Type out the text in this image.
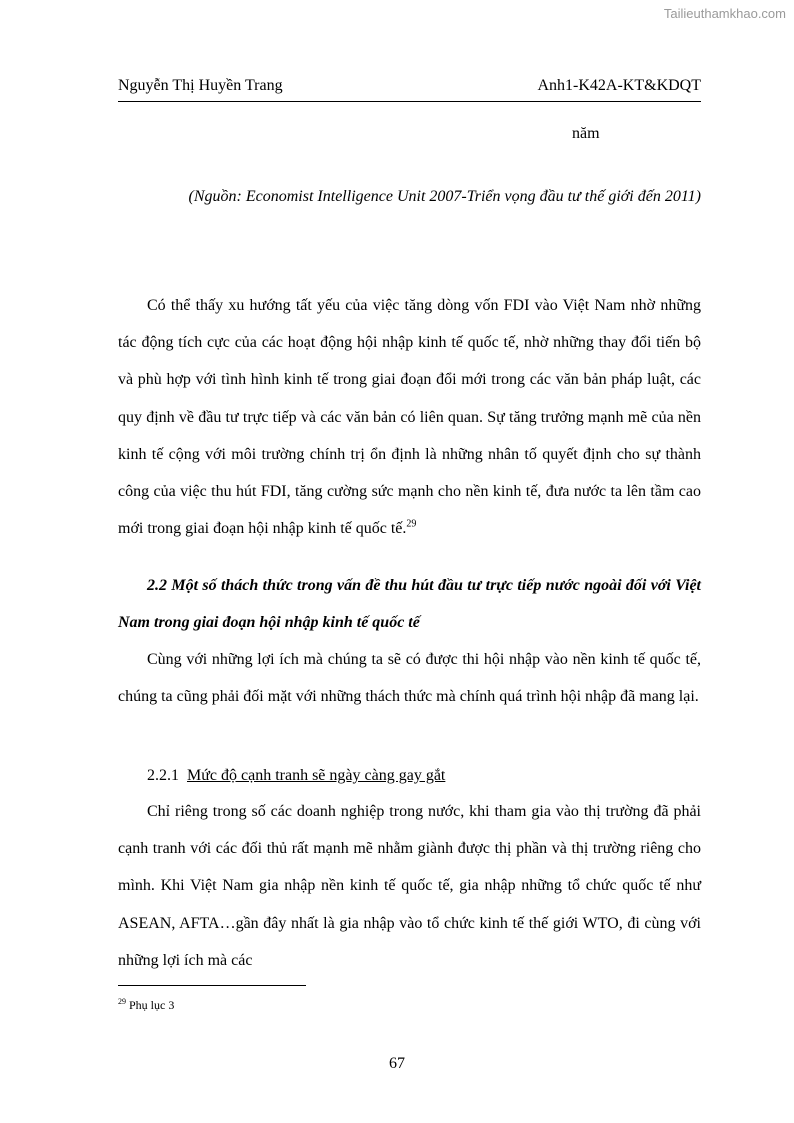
Tailieuthamkhao.com
Nguyễn Thị Huyền Trang	Anh1-K42A-KT&KDQT
năm
(Nguồn: Economist Intelligence Unit 2007-Triển vọng đầu tư thế giới đến 2011)
Có thể thấy xu hướng tất yếu của việc tăng dòng vốn FDI vào Việt Nam nhờ những tác động tích cực của các hoạt động hội nhập kinh tế quốc tế, nhờ những thay đổi tiến bộ và phù hợp với tình hình kinh tế trong giai đoạn đổi mới trong các văn bản pháp luật, các quy định về đầu tư trực tiếp và các văn bản có liên quan. Sự tăng trưởng mạnh mẽ của nền kinh tế cộng với môi trường chính trị ổn định là những nhân tố quyết định cho sự thành công của việc thu hút FDI, tăng cường sức mạnh cho nền kinh tế, đưa nước ta lên tầm cao mới trong giai đoạn hội nhập kinh tế quốc tế.$^{29}$
2.2 Một số thách thức trong vấn đề thu hút đầu tư trực tiếp nước ngoài đối với Việt Nam trong giai đoạn hội nhập kinh tế quốc tế
Cùng với những lợi ích mà chúng ta sẽ có được thi hội nhập vào nền kinh tế quốc tế, chúng ta cũng phải đối mặt với những thách thức mà chính quá trình hội nhập đã mang lại.
2.2.1 Mức độ cạnh tranh sẽ ngày càng gay gắt
Chỉ riêng trong số các doanh nghiệp trong nước, khi tham gia vào thị trường đã phải cạnh tranh với các đối thủ rất mạnh mẽ nhằm giành được thị phần và thị trường riêng cho mình. Khi Việt Nam gia nhập nền kinh tế quốc tế, gia nhập những tổ chức quốc tế như ASEAN, AFTA…gần đây nhất là gia nhập vào tổ chức kinh tế thế giới WTO, đi cùng với những lợi ích mà các
$^{29}$ Phụ lục 3
67
